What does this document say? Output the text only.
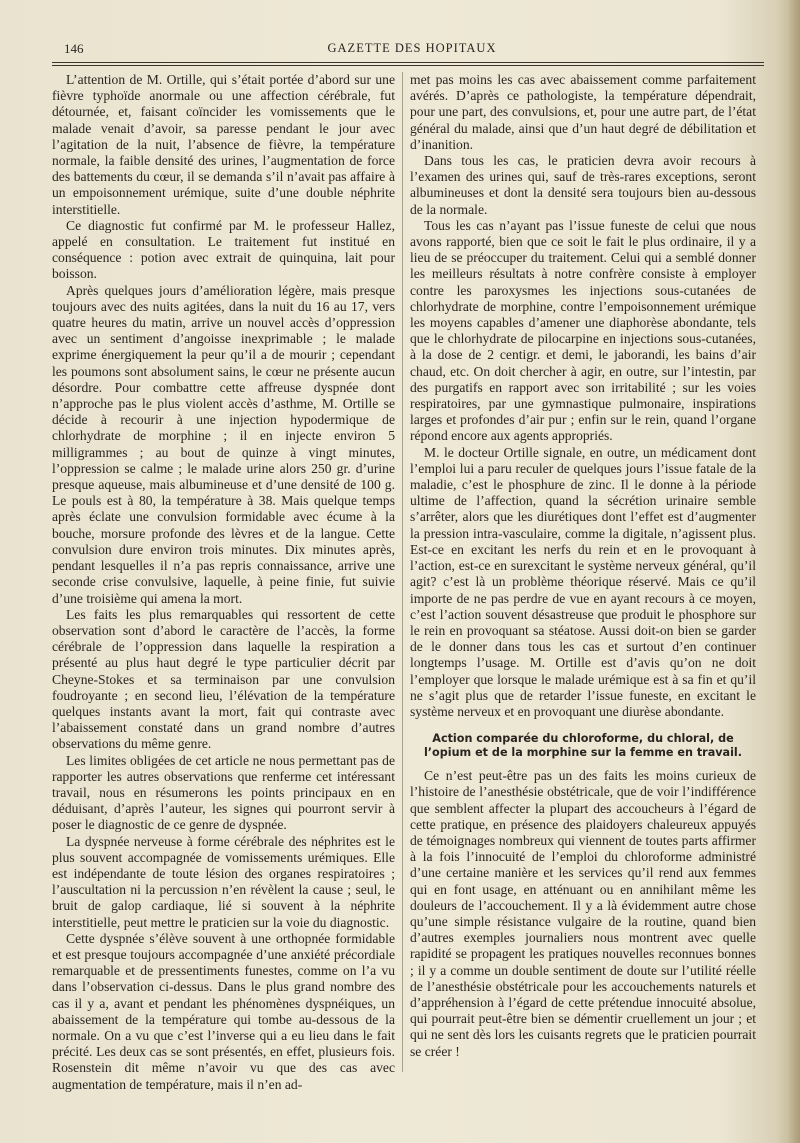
146	GAZETTE DES HOPITAUX

L’attention de M. Ortille, qui s’était portée d’abord sur une fièvre typhoïde anormale ou une affection cérébrale, fut détournée, et, faisant coïncider les vomissements que le malade venait d’avoir, sa paresse pendant le jour avec l’agitation de la nuit, l’absence de fièvre, la température normale, la faible densité des urines, l’augmentation de force des battements du cœur, il se demanda s’il n’avait pas affaire à un empoisonnement urémique, suite d’une double néphrite interstitielle.

Ce diagnostic fut confirmé par M. le professeur Hallez, appelé en consultation. Le traitement fut institué en conséquence : potion avec extrait de quinquina, lait pour boisson.

Après quelques jours d’amélioration légère, mais presque toujours avec des nuits agitées, dans la nuit du 16 au 17, vers quatre heures du matin, arrive un nouvel accès d’oppression avec un sentiment d’angoisse inexprimable ; le malade exprime énergiquement la peur qu’il a de mourir ; cependant les poumons sont absolument sains, le cœur ne présente aucun désordre. Pour combattre cette affreuse dyspnée dont n’approche pas le plus violent accès d’asthme, M. Ortille se décide à recourir à une injection hypodermique de chlorhydrate de morphine ; il en injecte environ 5 milligrammes ; au bout de quinze à vingt minutes, l’oppression se calme ; le malade urine alors 250 gr. d’urine presque aqueuse, mais albumineuse et d’une densité de 100 g. Le pouls est à 80, la température à 38. Mais quelque temps après éclate une convulsion formidable avec écume à la bouche, morsure profonde des lèvres et de la langue. Cette convulsion dure environ trois minutes. Dix minutes après, pendant lesquelles il n’a pas repris connaissance, arrive une seconde crise convulsive, laquelle, à peine finie, fut suivie d’une troisième qui amena la mort.

Les faits les plus remarquables qui ressortent de cette observation sont d’abord le caractère de l’accès, la forme cérébrale de l’oppression dans laquelle la respiration a présenté au plus haut degré le type particulier décrit par Cheyne-Stokes et sa terminaison par une convulsion foudroyante ; en second lieu, l’élévation de la température quelques instants avant la mort, fait qui contraste avec l’abaissement constaté dans un grand nombre d’autres observations du même genre.

Les limites obligées de cet article ne nous permettant pas de rapporter les autres observations que renferme cet intéressant travail, nous en résumerons les points principaux en en déduisant, d’après l’auteur, les signes qui pourront servir à poser le diagnostic de ce genre de dyspnée.

La dyspnée nerveuse à forme cérébrale des néphrites est le plus souvent accompagnée de vomissements urémiques. Elle est indépendante de toute lésion des organes respiratoires ; l’auscultation ni la percussion n’en révèlent la cause ; seul, le bruit de galop cardiaque, lié si souvent à la néphrite interstitielle, peut mettre le praticien sur la voie du diagnostic.

Cette dyspnée s’élève souvent à une orthopnée formidable et est presque toujours accompagnée d’une anxiété précordiale remarquable et de pressentiments funestes, comme on l’a vu dans l’observation ci-dessus. Dans le plus grand nombre des cas il y a, avant et pendant les phénomènes dyspnéiques, un abaissement de la température qui tombe au-dessous de la normale. On a vu que c’est l’inverse qui a eu lieu dans le fait précité. Les deux cas se sont présentés, en effet, plusieurs fois. Rosenstein dit même n’avoir vu que des cas avec augmentation de température, mais il n’en ad-

met pas moins les cas avec abaissement comme parfaitement avérés. D’après ce pathologiste, la température dépendrait, pour une part, des convulsions, et, pour une autre part, de l’état général du malade, ainsi que d’un haut degré de débilitation et d’inanition.

Dans tous les cas, le praticien devra avoir recours à l’examen des urines qui, sauf de très-rares exceptions, seront albumineuses et dont la densité sera toujours bien au-dessous de la normale.

Tous les cas n’ayant pas l’issue funeste de celui que nous avons rapporté, bien que ce soit le fait le plus ordinaire, il y a lieu de se préoccuper du traitement. Celui qui a semblé donner les meilleurs résultats à notre confrère consiste à employer contre les paroxysmes les injections sous-cutanées de chlorhydrate de morphine, contre l’empoisonnement urémique les moyens capables d’amener une diaphorèse abondante, tels que le chlorhydrate de pilocarpine en injections sous-cutanées, à la dose de 2 centigr. et demi, le jaborandi, les bains d’air chaud, etc. On doit chercher à agir, en outre, sur l’intestin, par des purgatifs en rapport avec son irritabilité ; sur les voies respiratoires, par une gymnastique pulmonaire, inspirations larges et profondes d’air pur ; enfin sur le rein, quand l’organe répond encore aux agents appropriés.

M. le docteur Ortille signale, en outre, un médicament dont l’emploi lui a paru reculer de quelques jours l’issue fatale de la maladie, c’est le phosphure de zinc. Il le donne à la période ultime de l’affection, quand la sécrétion urinaire semble s’arrêter, alors que les diurétiques dont l’effet est d’augmenter la pression intra-vasculaire, comme la digitale, n’agissent plus. Est-ce en excitant les nerfs du rein et en le provoquant à l’action, est-ce en surexcitant le système nerveux général, qu’il agit? c’est là un problème théorique réservé. Mais ce qu’il importe de ne pas perdre de vue en ayant recours à ce moyen, c’est l’action souvent désastreuse que produit le phosphore sur le rein en provoquant sa stéatose. Aussi doit-on bien se garder de le donner dans tous les cas et surtout d’en continuer longtemps l’usage. M. Ortille est d’avis qu’on ne doit l’employer que lorsque le malade urémique est à sa fin et qu’il ne s’agit plus que de retarder l’issue funeste, en excitant le système nerveux et en provoquant une diurèse abondante.

Action comparée du chloroforme, du chloral, de l’opium et de la morphine sur la femme en travail.

Ce n’est peut-être pas un des faits les moins curieux de l’histoire de l’anesthésie obstétricale, que de voir l’indifférence que semblent affecter la plupart des accoucheurs à l’égard de cette pratique, en présence des plaidoyers chaleureux appuyés de témoignages nombreux qui viennent de toutes parts affirmer à la fois l’innocuité de l’emploi du chloroforme administré d’une certaine manière et les services qu’il rend aux femmes qui en font usage, en atténuant ou en annihilant même les douleurs de l’accouchement. Il y a là évidemment autre chose qu’une simple résistance vulgaire de la routine, quand bien d’autres exemples journaliers nous montrent avec quelle rapidité se propagent les pratiques nouvelles reconnues bonnes ; il y a comme un double sentiment de doute sur l’utilité réelle de l’anesthésie obstétricale pour les accouchements naturels et d’appréhension à l’égard de cette prétendue innocuité absolue, qui pourrait peut-être bien se démentir cruellement un jour ; et qui ne sent dès lors les cuisants regrets que le praticien pourrait se créer !
